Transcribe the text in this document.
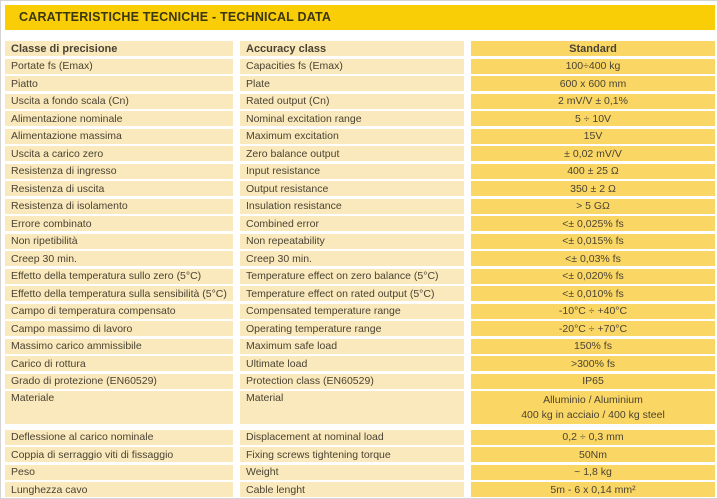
CARATTERISTICHE TECNICHE - TECHNICAL DATA
Classe di precisione	Accuracy class	Standard
Portate fs (Emax)	Capacities fs (Emax)	100÷400 kg
Piatto	Plate	600 x 600 mm
Uscita a fondo scala (Cn)	Rated output (Cn)	2 mV/V ± 0,1%
Alimentazione nominale	Nominal excitation range	5 ÷ 10V
Alimentazione massima	Maximum excitation	15V
Uscita a carico zero	Zero balance output	± 0,02 mV/V
Resistenza di ingresso	Input resistance	400 ± 25 Ω
Resistenza di uscita	Output resistance	350 ± 2 Ω
Resistenza di isolamento	Insulation resistance	> 5 GΩ
Errore combinato	Combined error	<± 0,025% fs
Non ripetibilità	Non repeatability	<± 0,015% fs
Creep 30 min.	Creep 30 min.	<± 0,03% fs
Effetto della temperatura sullo zero (5°C)	Temperature effect on zero balance (5°C)	<± 0,020% fs
Effetto della temperatura sulla sensibilità (5°C)	Temperature effect on rated output (5°C)	<± 0,010% fs
Campo di temperatura compensato	Compensated temperature range	-10°C ÷ +40°C
Campo massimo di lavoro	Operating temperature range	-20°C ÷ +70°C
Massimo carico ammissibile	Maximum safe load	150% fs
Carico di rottura	Ultimate load	>300% fs
Grado di protezione (EN60529)	Protection class (EN60529)	IP65
Materiale	Material	Alluminio / Aluminium
400 kg in acciaio / 400 kg steel
Deflessione al carico nominale	Displacement at nominal load	0,2 ÷ 0,3 mm
Coppia di serraggio viti di fissaggio	Fixing screws tightening torque	50Nm
Peso	Weight	~ 1,8 kg
Lunghezza cavo	Cable lenght	5m - 6 x 0,14 mm²
